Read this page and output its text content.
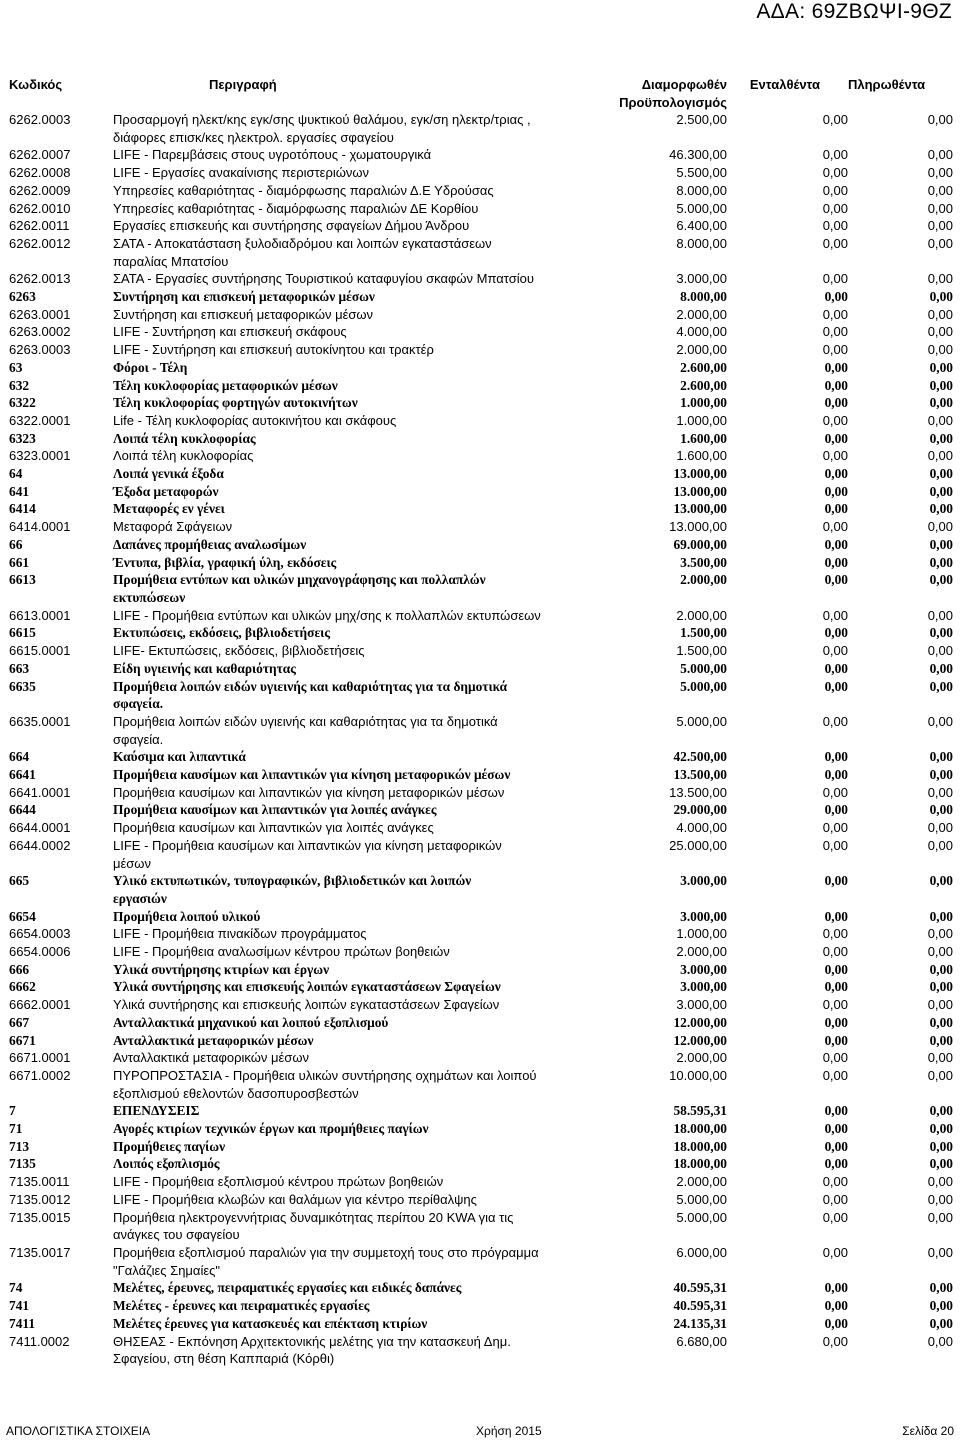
ΑΔΑ: 69ΖΒΩΨΙ-9ΘΖ
Κωδικός	Περιγραφή	Διαμορφωθέν
Προϋπολογισμός
Ενταλθέντα	Πληρωθέντα
6262.0003	Προσαρμογή ηλεκτ/κης εγκ/σης ψυκτικού θαλάμου, εγκ/ση ηλεκτρ/τριας ,
διάφορες επισκ/κες ηλεκτρολ. εργασίες σφαγείου
2.500,00	0,00	0,00
6262.0007	LIFE - Παρεμβάσεις στους υγροτόπους - χωματουργικά	46.300,00	0,00	0,00
6262.0008	LIFE - Εργασίες ανακαίνισης περιστεριώνων	5.500,00	0,00	0,00
6262.0009	Υπηρεσίες καθαριότητας - διαμόρφωσης παραλιών Δ.Ε Υδρούσας	8.000,00	0,00	0,00
6262.0010	Υπηρεσίες καθαριότητας - διαμόρφωσης παραλιών ΔΕ Κορθίου	5.000,00	0,00	0,00
6262.0011	Εργασίες επισκευής και συντήρησης σφαγείων Δήμου Άνδρου	6.400,00	0,00	0,00
6262.0012	ΣΑΤΑ - Αποκατάσταση ξυλοδιαδρόμου και λοιπών εγκαταστάσεων
παραλίας Μπατσίου
8.000,00	0,00	0,00
6262.0013	ΣΑΤΑ - Εργασίες συντήρησης Τουριστικού καταφυγίου σκαφών Μπατσίου	3.000,00	0,00	0,00
6263	Συντήρηση και επισκευή μεταφορικών μέσων	8.000,00	0,00	0,00
6263.0001	Συντήρηση και επισκευή μεταφορικών μέσων	2.000,00	0,00	0,00
6263.0002	LIFE - Συντήρηση και επισκευή σκάφους	4.000,00	0,00	0,00
6263.0003	LIFE - Συντήρηση και επισκευή αυτοκίνητου και τρακτέρ	2.000,00	0,00	0,00
63	Φόροι - Τέλη	2.600,00	0,00	0,00
632	Τέλη κυκλοφορίας μεταφορικών μέσων	2.600,00	0,00	0,00
6322	Τέλη κυκλοφορίας φορτηγών αυτοκινήτων	1.000,00	0,00	0,00
6322.0001	Life - Τέλη κυκλοφορίας αυτοκινήτου και σκάφους	1.000,00	0,00	0,00
6323	Λοιπά τέλη κυκλοφορίας	1.600,00	0,00	0,00
6323.0001	Λοιπά τέλη κυκλοφορίας	1.600,00	0,00	0,00
64	Λοιπά γενικά έξοδα	13.000,00	0,00	0,00
641	Έξοδα μεταφορών	13.000,00	0,00	0,00
6414	Μεταφορές εν γένει	13.000,00	0,00	0,00
6414.0001	Μεταφορά Σφάγειων	13.000,00	0,00	0,00
66	Δαπάνες προμήθειας αναλωσίμων	69.000,00	0,00	0,00
661	Έντυπα, βιβλία, γραφική ύλη, εκδόσεις	3.500,00	0,00	0,00
6613	Προμήθεια εντύπων και υλικών μηχανογράφησης και πολλαπλών
εκτυπώσεων
2.000,00	0,00	0,00
6613.0001	LIFE - Προμήθεια εντύπων και υλικών μηχ/σης κ πολλαπλών εκτυπώσεων	2.000,00	0,00	0,00
6615	Εκτυπώσεις, εκδόσεις, βιβλιοδετήσεις	1.500,00	0,00	0,00
6615.0001	LIFE- Εκτυπώσεις, εκδόσεις, βιβλιοδετήσεις	1.500,00	0,00	0,00
663	Είδη υγιεινής και καθαριότητας	5.000,00	0,00	0,00
6635	Προμήθεια λοιπών ειδών υγιεινής και καθαριότητας για τα δημοτικά
σφαγεία.
5.000,00	0,00	0,00
6635.0001	Προμήθεια λοιπών ειδών υγιεινής και καθαριότητας για τα δημοτικά
σφαγεία.
5.000,00	0,00	0,00
664	Καύσιμα και λιπαντικά	42.500,00	0,00	0,00
6641	Προμήθεια καυσίμων και λιπαντικών για κίνηση μεταφορικών μέσων	13.500,00	0,00	0,00
6641.0001	Προμήθεια καυσίμων και λιπαντικών για κίνηση μεταφορικών μέσων	13.500,00	0,00	0,00
6644	Προμήθεια καυσίμων και λιπαντικών για λοιπές ανάγκες	29.000,00	0,00	0,00
6644.0001	Προμήθεια καυσίμων και λιπαντικών για λοιπές ανάγκες	4.000,00	0,00	0,00
6644.0002	LIFE - Προμήθεια καυσίμων και λιπαντικών για κίνηση μεταφορικών
μέσων
25.000,00	0,00	0,00
665	Υλικό εκτυπωτικών, τυπογραφικών, βιβλιοδετικών και λοιπών
εργασιών
3.000,00	0,00	0,00
6654	Προμήθεια λοιπού υλικού	3.000,00	0,00	0,00
6654.0003	LIFE - Προμήθεια πινακίδων προγράμματος	1.000,00	0,00	0,00
6654.0006	LIFE - Προμήθεια αναλωσίμων κέντρου πρώτων βοηθειών	2.000,00	0,00	0,00
666	Υλικά συντήρησης κτιρίων και έργων	3.000,00	0,00	0,00
6662	Υλικά συντήρησης και επισκευής λοιπών εγκαταστάσεων Σφαγείων	3.000,00	0,00	0,00
6662.0001	Υλικά συντήρησης και επισκευής λοιπών εγκαταστάσεων Σφαγείων	3.000,00	0,00	0,00
667	Ανταλλακτικά μηχανικού και λοιπού εξοπλισμού	12.000,00	0,00	0,00
6671	Ανταλλακτικά μεταφορικών μέσων	12.000,00	0,00	0,00
6671.0001	Ανταλλακτικά μεταφορικών μέσων	2.000,00	0,00	0,00
6671.0002	ΠΥΡΟΠΡΟΣΤΑΣΙΑ - Προμήθεια υλικών συντήρησης οχημάτων και λοιπού
εξοπλισμού εθελοντών δασοπυροσβεστών
10.000,00	0,00	0,00
7	ΕΠΕΝΔΥΣΕΙΣ	58.595,31	0,00	0,00
71	Αγορές κτιρίων τεχνικών έργων και προμήθειες παγίων	18.000,00	0,00	0,00
713	Προμήθειες παγίων	18.000,00	0,00	0,00
7135	Λοιπός εξοπλισμός	18.000,00	0,00	0,00
7135.0011	LIFE - Προμήθεια εξοπλισμού κέντρου πρώτων βοηθειών	2.000,00	0,00	0,00
7135.0012	LIFE - Προμήθεια κλωβών και θαλάμων για κέντρο περίθαλψης	5.000,00	0,00	0,00
7135.0015	Προμήθεια ηλεκτρογεννήτριας δυναμικότητας περίπου 20 KWA για τις
ανάγκες του σφαγείου
5.000,00	0,00	0,00
7135.0017	Προμήθεια εξοπλισμού παραλιών για την συμμετοχή τους στο πρόγραμμα
"Γαλάζιες Σημαίες"
6.000,00	0,00	0,00
74	Μελέτες, έρευνες, πειραματικές εργασίες και ειδικές δαπάνες	40.595,31	0,00	0,00
741	Μελέτες - έρευνες και πειραματικές εργασίες	40.595,31	0,00	0,00
7411	Μελέτες έρευνες για κατασκευές και επέκταση κτιρίων	24.135,31	0,00	0,00
7411.0002	ΘΗΣΕΑΣ - Εκπόνηση Αρχιτεκτονικής μελέτης για την κατασκευή Δημ.
Σφαγείου, στη θέση Καππαριά (Κόρθι)
6.680,00	0,00	0,00
ΑΠΟΛΟΓΙΣΤΙΚΑ ΣΤΟΙΧΕΙΑ	Χρήση 2015	Σελίδα 20
